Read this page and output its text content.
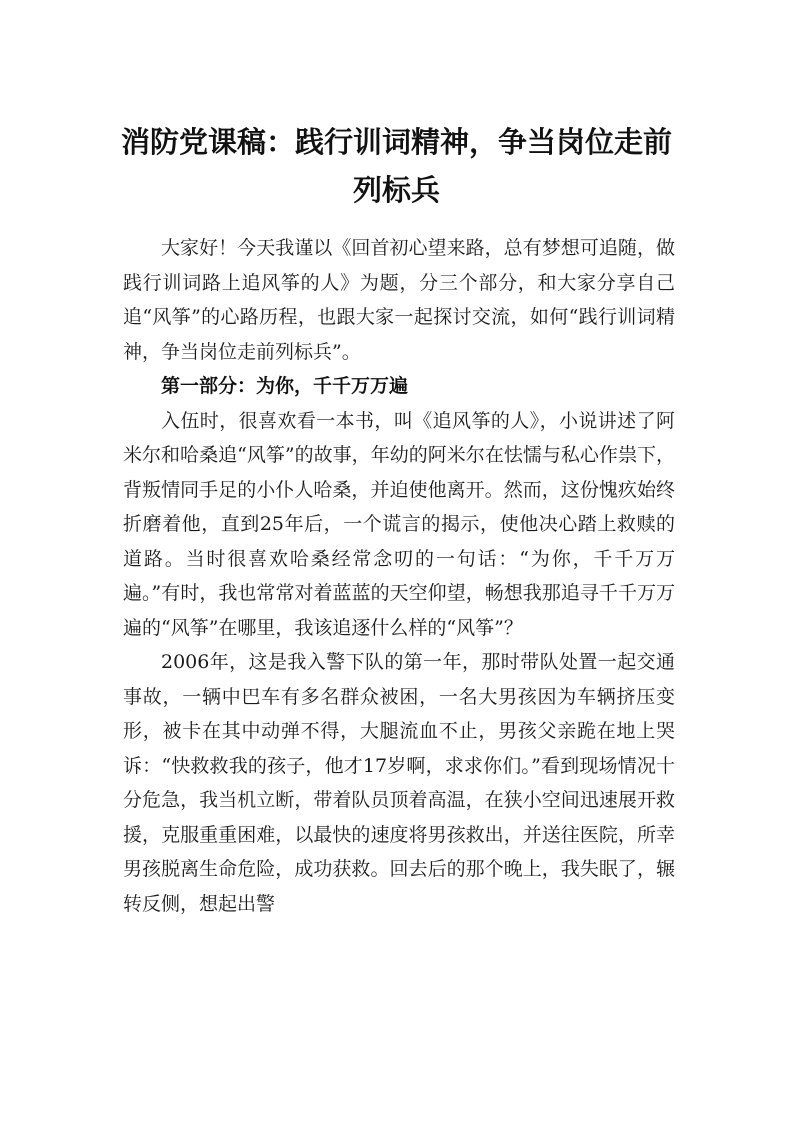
消防党课稿：践行训词精神，争当岗位走前列标兵

大家好！今天我谨以《回首初心望来路，总有梦想可追随，做践行训词路上追风筝的人》为题，分三个部分，和大家分享自己追“风筝”的心路历程，也跟大家一起探讨交流，如何“践行训词精神，争当岗位走前列标兵”。

第一部分：为你，千千万万遍

入伍时，很喜欢看一本书，叫《追风筝的人》，小说讲述了阿米尔和哈桑追“风筝”的故事，年幼的阿米尔在怯懦与私心作祟下，背叛情同手足的小仆人哈桑，并迫使他离开。然而，这份愧疚始终折磨着他，直到25年后，一个谎言的揭示，使他决心踏上救赎的道路。当时很喜欢哈桑经常念叨的一句话：“为你，千千万万遍。”有时，我也常常对着蓝蓝的天空仰望，畅想我那追寻千千万万遍的“风筝”在哪里，我该追逐什么样的“风筝”？

2006年，这是我入警下队的第一年，那时带队处置一起交通事故，一辆中巴车有多名群众被困，一名大男孩因为车辆挤压变形，被卡在其中动弹不得，大腿流血不止，男孩父亲跪在地上哭诉：“快救救我的孩子，他才17岁啊，求求你们。”看到现场情况十分危急，我当机立断，带着队员顶着高温，在狭小空间迅速展开救援，克服重重困难，以最快的速度将男孩救出，并送往医院，所幸男孩脱离生命危险，成功获救。回去后的那个晚上，我失眠了，辗转反侧，想起出警
